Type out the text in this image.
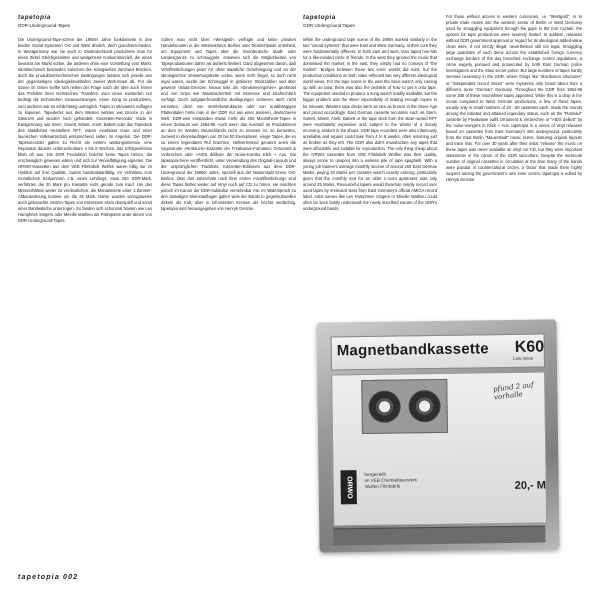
tapetopia
DDR-Underground-Tapes

Die Underground-Tape-Szene der 1980er Jahre funktionierte in den beiden Sozial-Systemen Ost und West ähnlich, doch grundverschieden. In Westgermany war sie auch in Ostdeutschland produzierte man für einen Zirkel Gleichgesinnter und weitgehend nonkommerziell, die einen bewusst am Markt vorbei, die anderen ohne eine Vorstellung vom Markt. Identitechnisch bestanden zwischen den Klangwelten durchaus Brücken, doch die produktionstechnischen Bedingungen lassten sich jeweils aus der gegenseitigen Ideologiekreisläufen zweier Welt-Innen ab. Für die Szene im Osten stellte sich neben der Frage nach der Idee auch immer das Problem ihres technischen Transfers. Zum einen existierten nur bedingt die technischen Voraussetzungen, einen Song zu produzieren, zum anderen war es schlichtweg unmöglich, Tapes in relevanten Auflagen zu kopieren. Tapedecks aus dem Westen wirkten wie Bronze in der Steinzeit und wurden hoch gehandelt. Kassetten-Recorder made in Eastgermany, wie Stern, Sonett, Minett, Anett, Babett oder das Tapedeck des staatlichen Herstellers RFT, waren exorbitant teuer und einer launischen Volkswirtschaft entsprechend selten im Angebot. Die DDR-Tapesrecorder galten zu Recht als extrem wartungsintensiv, eine Reparatur dauerte unberechenbare 4 bis 8 Wochen, das Erfolgserlebnis blieb oft aus. Die DDR Produktion brachte keine Tapes hervor, die erschwinglich gewesen wären und sich zur Vervielfältigung eigneten. Die ORWO-Kassetten aus dem VEB Filmfabrik Wolfen waren billig nur im Hinblick auf ihre Qualität, zudem bandsalatanfällig. Im Verhältnis zum monatlichen Einkommen z.B. eines Lehrlings, etwa 250 DDR-Mark, verführten die 20 Mark pro Kassette nicht gerade zum Kauf. Um das Missverhältnis weiter zu verdeutlichen: die Monatsmiete einer 1-Zimmer-Altbauwohnung kostete um die 25 Mark. Daher wurden vorzugsweise auch gebrauchte AMIGA-Tapes von Interessen Stars überspielt und somit einer Bandwäsche unterzogen. So fanden sich schonmal Namen wie Les Humphries Singers oder Mireille Mathieu als Palimpsest unter denen von DDR-Underground-Tapes.

Sofern man nicht über »Westgeld« verfügte und keine privaten Handelsrouten in die Westsektoren Berlins oder Deutschlands unterhielt, um Equipment und Tapes über die innerdeutsche Stadt- oder Landesgrenze zu schmuggeln, erwiesen sich die Möglichkeiten von Tapeproduktionen daher als äußerst limitiert. Ganz abgesehen davon, daß Veröffentlichungen jeder Art ohne staatliche Genehmigung und an der ideologischen Verwertungskette vorbei, wenn nicht illegal, so doch nicht legal waren, wurde der Schmuggel in größeren Stückzahlen und über gewisse Valuta-Grenzen hinaus teils als »Devisenvergehen« geahndet und von Kripo wie Staatssicherheit mit Interesse und strafrechtlich verfolgt. Doch aufgaperfreundliche Bedingungen schienen auch nicht vonnöten, denn von Vertriebsstrukturen oder von unabhängigen Plattenläden hörte man in der DDR nur aus einer anderen, deutscheren Welt. DDR-weit entstanden etwas mehr als 200 Moorstheim-Tapes in einem Zeitraum von 1984-89. Auch wenn das Ausmaß an Produktionen an dem im Westen Deutschlands nicht zu messen ist, so kursierten, zumeist in Kleinstauflagen von 20 bis 50 Exemplaren, einige Tapes, die es zu einem legendären Ruf brachten, stellvertretend genannt seien die sogenannte »Rotrauch«-Kassette der Freakwave-Formation Ornament & Verbrechen oder »AIDS delikat« der Noise-Kombo Klick + Aus. Die tapetopia-Serie veröffentlicht, unter Verwendung des Original-Layouts und der ursprünglichen Tracklists, Kassetten-Editionen aus dem DDR-Underground der 1980er Jahre, speziell aus der Mauerstadt-Szene Ost-Berlins. Über drei Jahrzehnte nach ihrer ersten »Veröffentlichung« sind diese Tapes bisher weder auf Vinyl noch auf CD zu hören, sie mischten jedoch im Kanon der DDR-Subkultur vernehmbar mit. Im Widerspruch zu den damaligen Kleinstauflagen galten viele der Bands in gegenkulturellen Zirkeln als Kult, aber in informierten Kreisen als höchst verdächtig. tapetopia wird herausgegeben von Henryk Gericke.

tapetopia
GDR Underground Tapes

While the underground tape scene of the 1980s worked similarly in the two "sound systems" that were East and West Germany, at their core they were fundamentally different. In both east and west, fans taped non-hits for a like-minded circle of friends. In the west they ignored the music that dominated the market; in the east, they simply had no concept of "the market". Bridges between these two sonic worlds did exist, but the production conditions on both sides reflected two very different ideological world views. For the tape scene in the east the issue wasn't only coming up with an idea; there was also the problem of how to get it onto tape. The equipment needed to produce a song wasn't readily available, but the bigger problem was the sheer impossibility of making enough copies to be relevant. Western tape decks were as rare as bronze in the Stone Age and priced accordingly. East German cassette recorders such as Stern, Sonett, Minett, Anett, Babett or the tape deck from the state-owned RFT were exorbitantly expensive and, subject to the whims of a moody economy, seldom in the shops. GDR tape recorders were also infamously unreliable and repairs could take from 4 to 8 weeks, often returning just as broken as they left. The GDR also didn't manufacture any tapes that were affordable and suitable for reproduction. The only thing cheap about the ORWO cassettes from VEB Filmfabrik Wolfen was their quality, always prone to unspool into a useless pile of tape spaghetti. With a young job trainee's average monthly income of around 250 East German Marks, paying 20 Marks per cassette wasn't exactly enticing, particularly given that the monthly rent for an older 1-room apartment was only around 25 Marks. Resourceful tapers would therefore simply record over used tapes by irrelevant stars from East Germany's official AMIGA record label. Artist names like Les Humphries Singers or Mireille Mathieu could often be seen faintly underneath the newly inscribed names of the GDR's underground bands.

For those without access to western currencies, i.e. "Westgeld", or to private trade routes into the western sector of Berlin or West Germany used for smuggling equipment through the gaps in the Iron Curtain, the options for tape productions were severely limited. In addition, releases without GDR government approval or regard for its ideological added-value chain were, if not strictly illegal, nevertheless still not legal. Smuggling large quantities of such items across the established foreign currency exchange borders of the day breached exchange control regulations, a crime eagerly pursued and prosecuted by both East German police investigators and the Stasi secret police. But large numbers of tapes hardly seemed necessary in the GDR, where things like "distribution structures" or "independent record stores" were mysteries only heard about from a different, more "German" Germany. Throughout the GDR from 1984-89 some 200 of these moonshiner tapes appeared. While this is a drop in the ocean compared to West German productions, a few of these tapes, usually only in small numbers of 20 - 50 cassettes each, made the rounds among the initiated and attained legendary status, such as the "Rotmaul" cassette by Freakwave outfit Ornament & Verbrechen or "AIDS delikat" by the noise-mongers in Klick + Aus. tapetopia is a series of vinyl releases based on cassettes from East Germany's 80s underground, particularly from the East Berlin "Mauerstadt" music scene, featuring original layouts and track lists. For over 30 years after their initial "release" the music on these tapes was never available on vinyl nor CD, but they were important statements in the canon of the GDR subculture. Despite the miniscule number of original cassettes in circulation at the time many of the bands were popular in countercultural circles, a factor that made them highly suspect among the government's own inner circles. tapetopia is edited by Henryk Gericke.

Magnetbandkassette K60
Low noise
pfund 2 auf vorhalle
ORWO
hergestellt
im VEB Chemiefaserwerk
Wolfen Filmfabrik	20,- M
tapetopia 002
